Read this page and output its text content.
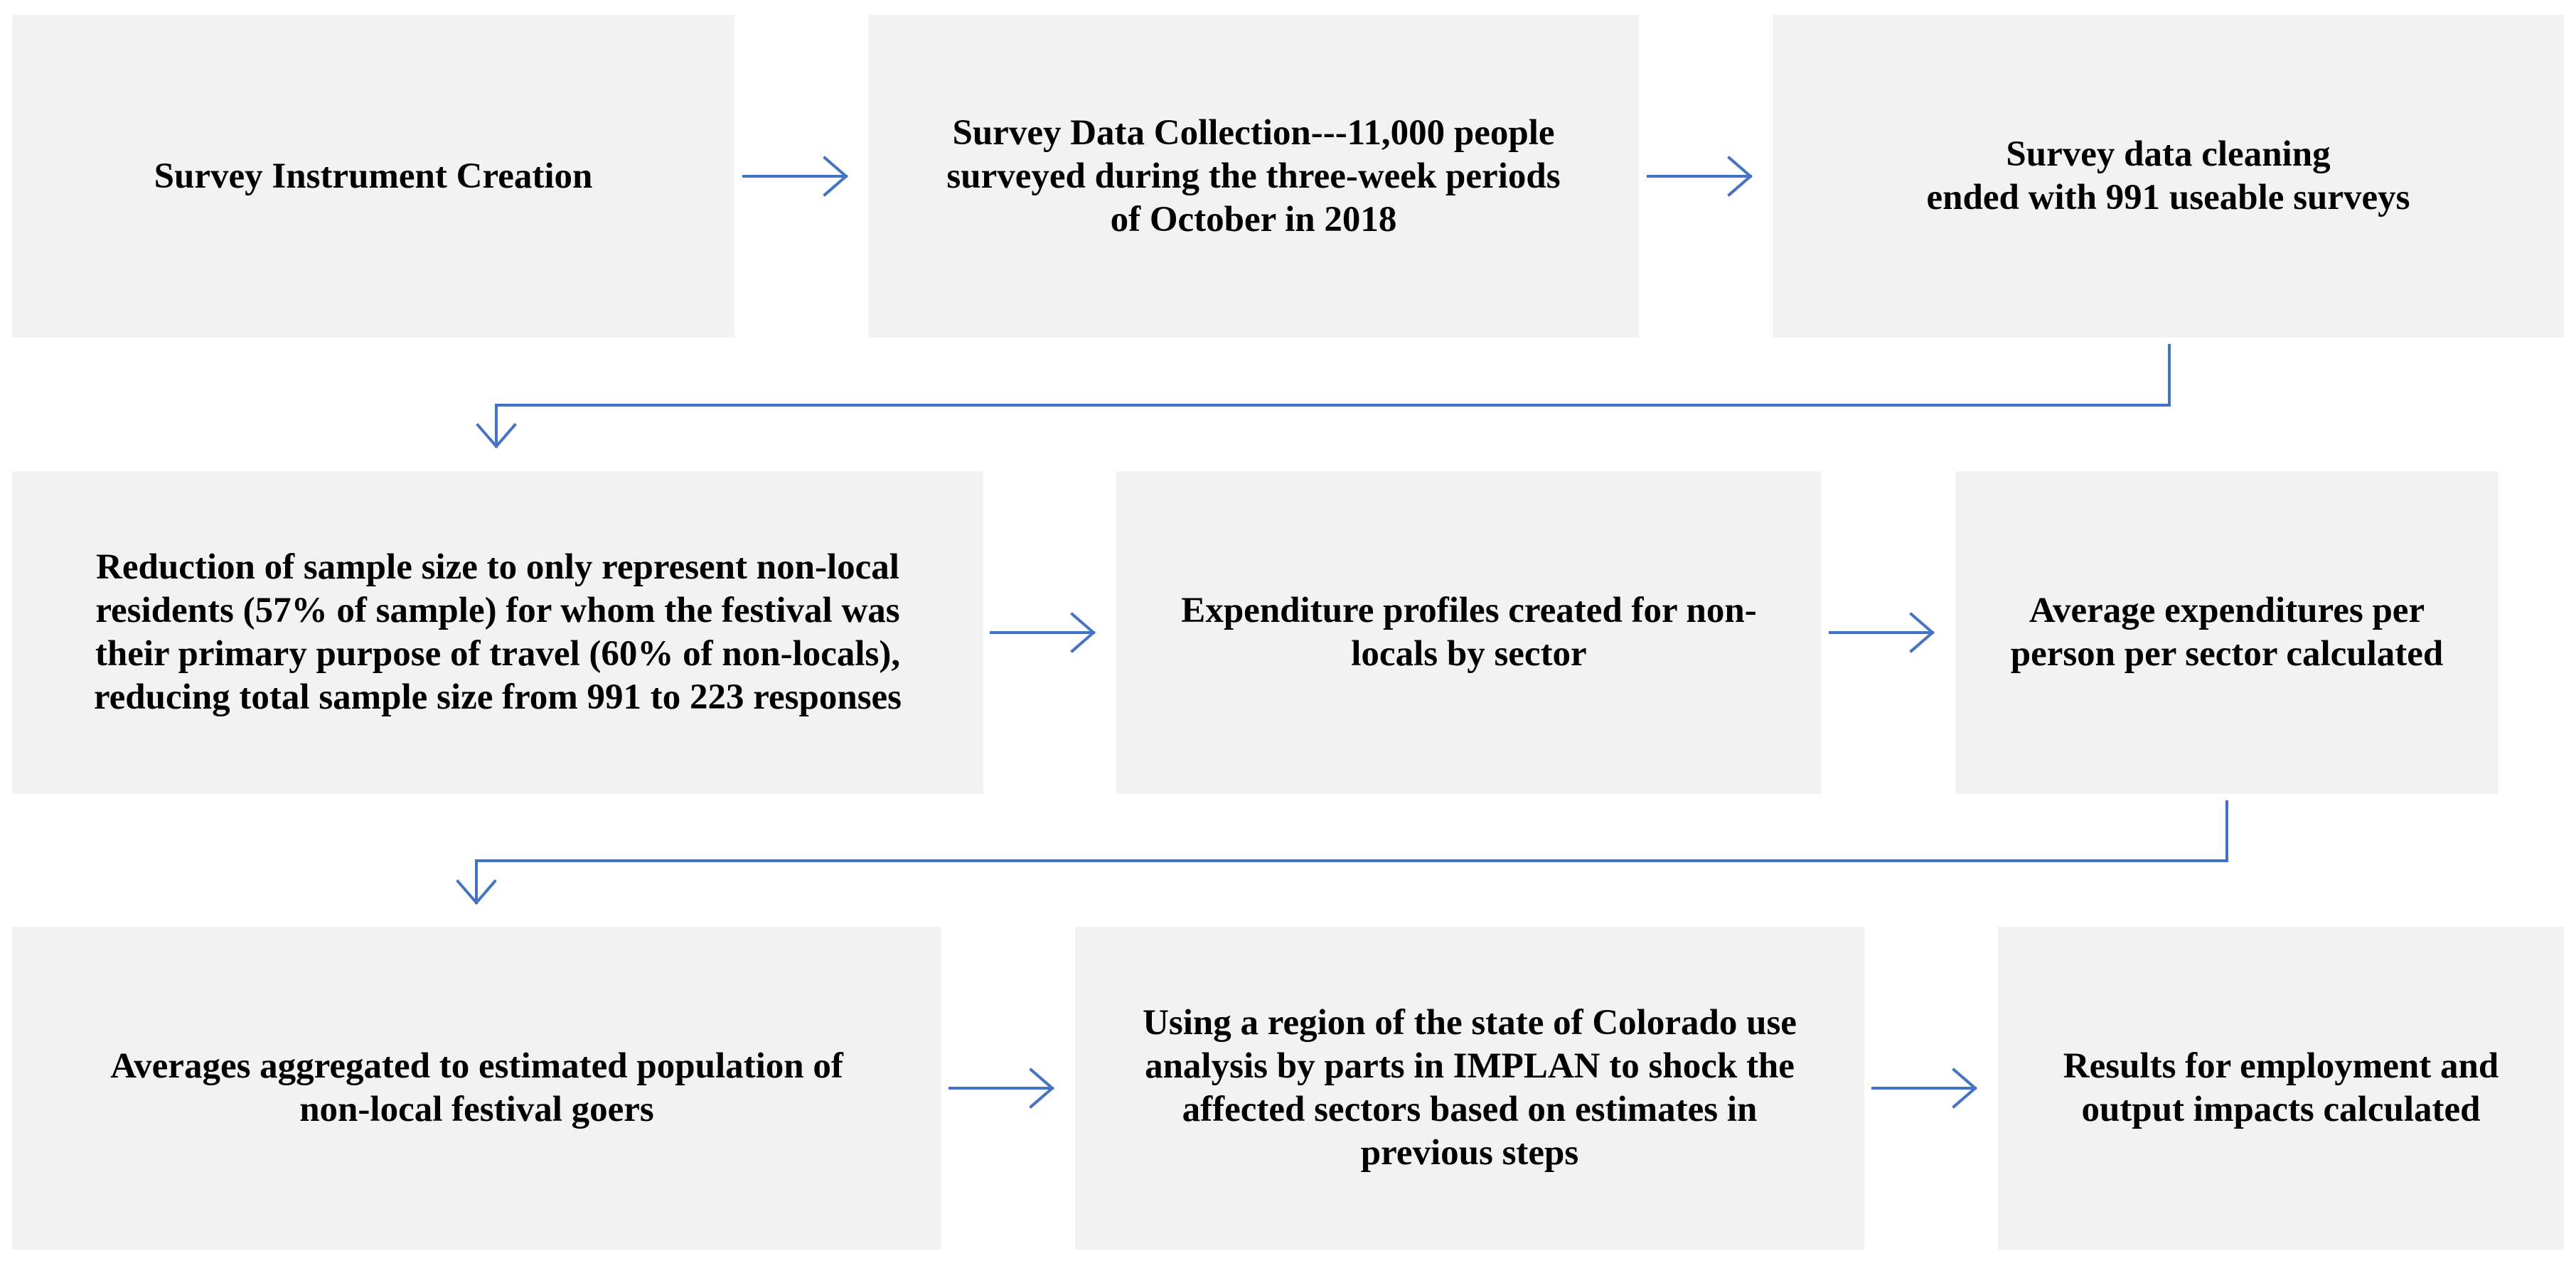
Survey Instrument Creation
Survey Data Collection---11,000 people
surveyed during the three-week periods
of October in 2018
Survey data cleaning
ended with 991 useable surveys
Reduction of sample size to only represent non-local
residents (57% of sample) for whom the festival was
their primary purpose of travel (60% of non-locals),
reducing total sample size from 991 to 223 responses
Expenditure profiles created for non-
locals by sector
Average expenditures per
person per sector calculated
Averages aggregated to estimated population of
non-local festival goers
Using a region of the state of Colorado use
analysis by parts in IMPLAN to shock the
affected sectors based on estimates in
previous steps
Results for employment and
output impacts calculated
